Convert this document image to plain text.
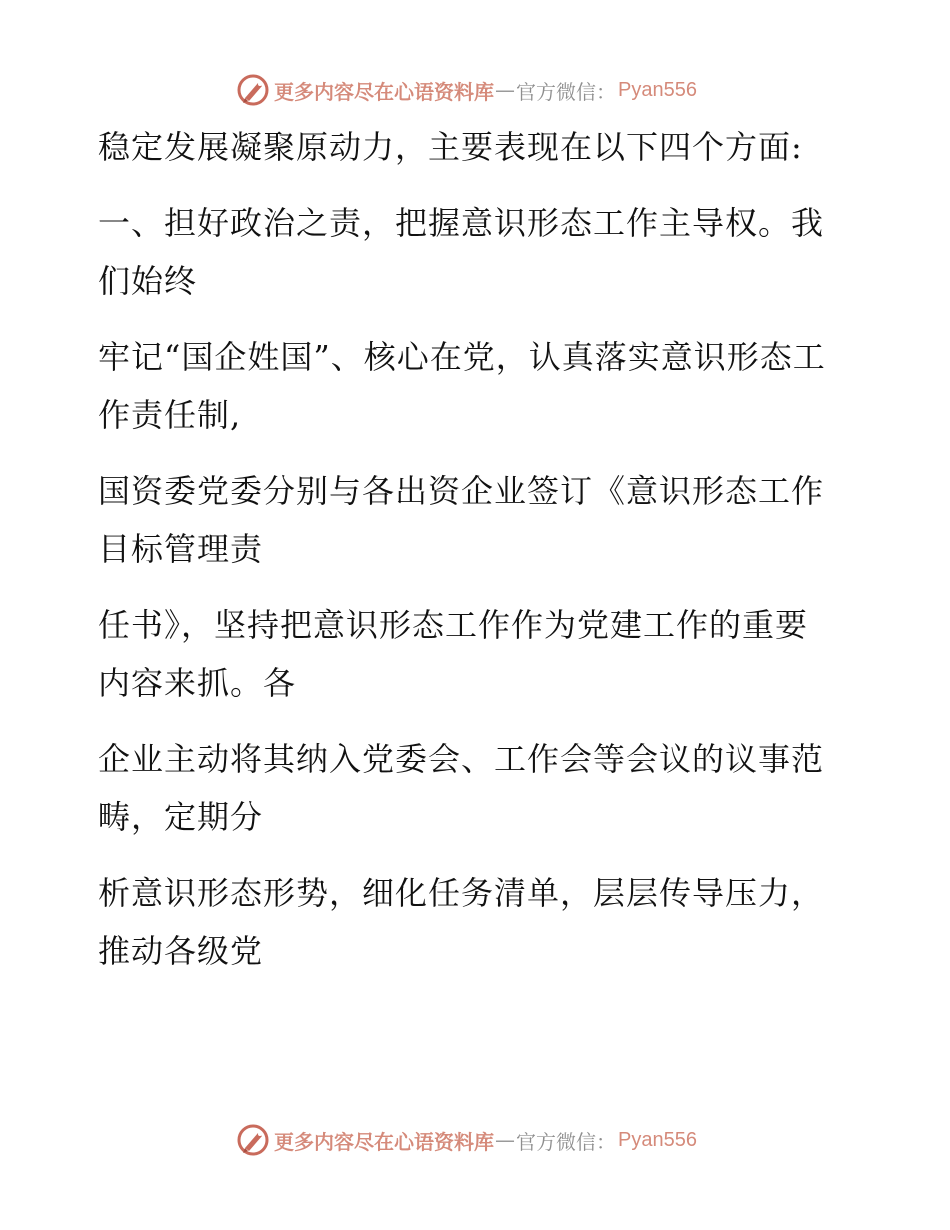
更多内容尽在心语资料库 — 官方微信： Pyan556

稳定发展凝聚原动力，主要表现在以下四个方面:

一、担好政治之责，把握意识形态工作主导权。我们始终

牢记“国企姓国”、核心在党，认真落实意识形态工作责任制,

国资委党委分别与各出资企业签订《意识形态工作目标管理责

任书》，坚持把意识形态工作作为党建工作的重要内容来抓。各

企业主动将其纳入党委会、工作会等会议的议事范畴，定期分

析意识形态形势，细化任务清单，层层传导压力，推动各级党

更多内容尽在心语资料库 — 官方微信： Pyan556
